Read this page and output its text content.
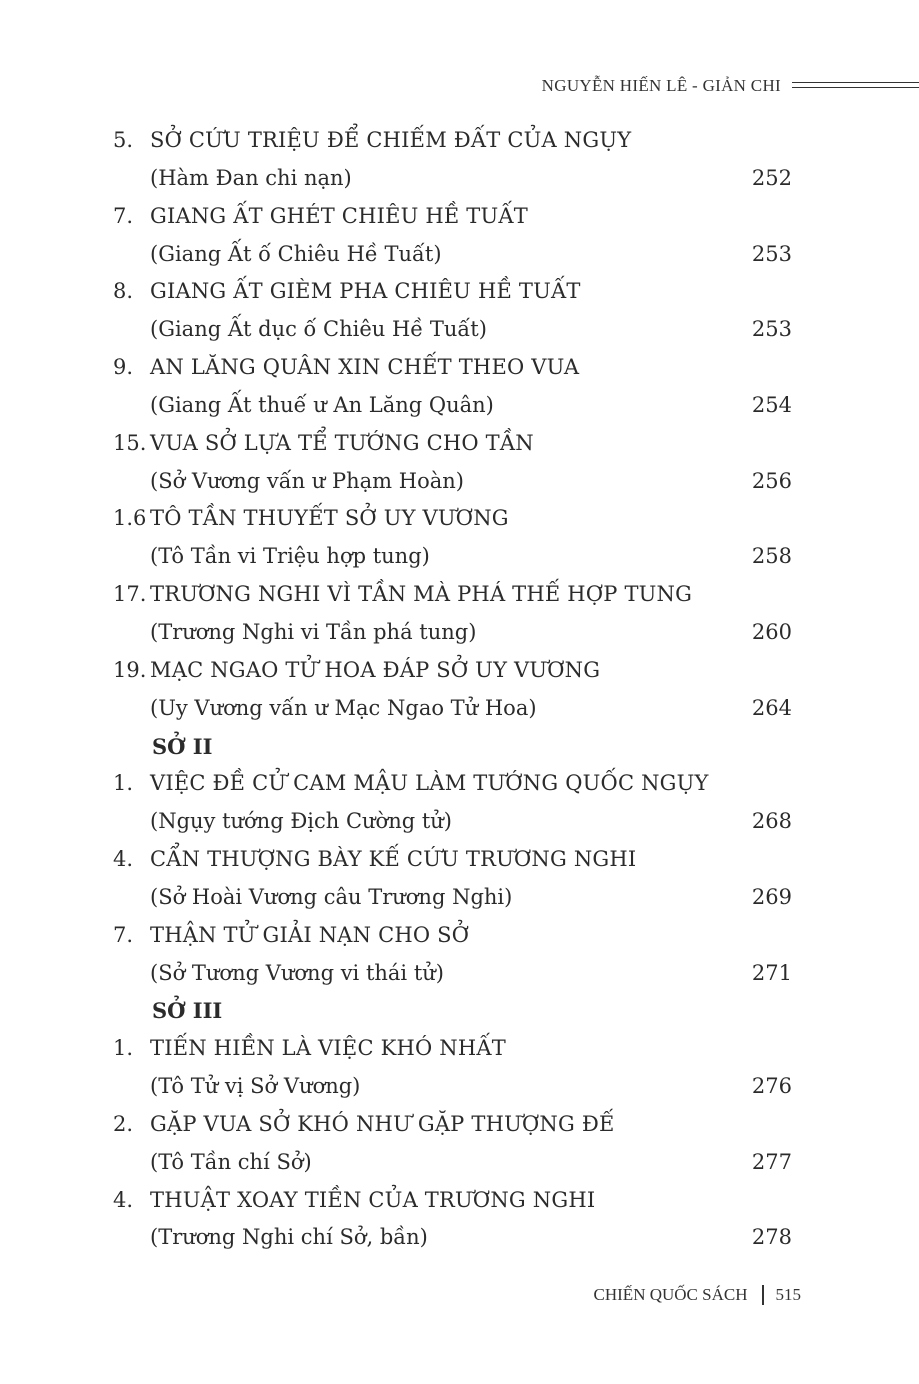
NGUYỄN HIẾN LÊ - GIẢN CHI
5. SỞ CỨU TRIỆU ĐỂ CHIẾM ĐẤT CỦA NGỤY
(Hàm Đan chi nạn)	252
7. GIANG ẤT GHÉT CHIÊU HỀ TUẤT
(Giang Ất ố Chiêu Hề Tuất)	253
8. GIANG ẤT GIÈM PHA CHIÊU HỀ TUẤT
(Giang Ất dục ố Chiêu Hề Tuất)	253
9. AN LĂNG QUÂN XIN CHẾT THEO VUA
(Giang Ất thuế ư An Lăng Quân)	254
15. VUA SỞ LỰA TỂ TƯỚNG CHO TẦN
(Sở Vương vấn ư Phạm Hoàn)	256
1.6 TÔ TẦN THUYẾT SỞ UY VƯƠNG
(Tô Tần vi Triệu hợp tung)	258
17. TRƯƠNG NGHI VÌ TẦN MÀ PHÁ THẾ HỢP TUNG
(Trương Nghi vi Tần phá tung)	260
19. MẠC NGAO TỬ HOA ĐÁP SỞ UY VƯƠNG
(Uy Vương vấn ư Mạc Ngao Tử Hoa)	264
SỞ II
1. VIỆC ĐỀ CỬ CAM MẬU LÀM TƯỚNG QUỐC NGỤY
(Ngụy tướng Địch Cường tử)	268
4. CẨN THƯỢNG BÀY KẾ CỨU TRƯƠNG NGHI
(Sở Hoài Vương câu Trương Nghi)	269
7. THẬN TỬ GIẢI NẠN CHO SỞ
(Sở Tương Vương vi thái tử)	271
SỞ III
1. TIẾN HIỀN LÀ VIỆC KHÓ NHẤT
(Tô Tử vị Sở Vương)	276
2. GẶP VUA SỞ KHÓ NHƯ GẶP THƯỢNG ĐẾ
(Tô Tần chí Sở)	277
4. THUẬT XOAY TIỀN CỦA TRƯƠNG NGHI
(Trương Nghi chí Sở, bần)	278
CHIẾN QUỐC SÁCH 515
